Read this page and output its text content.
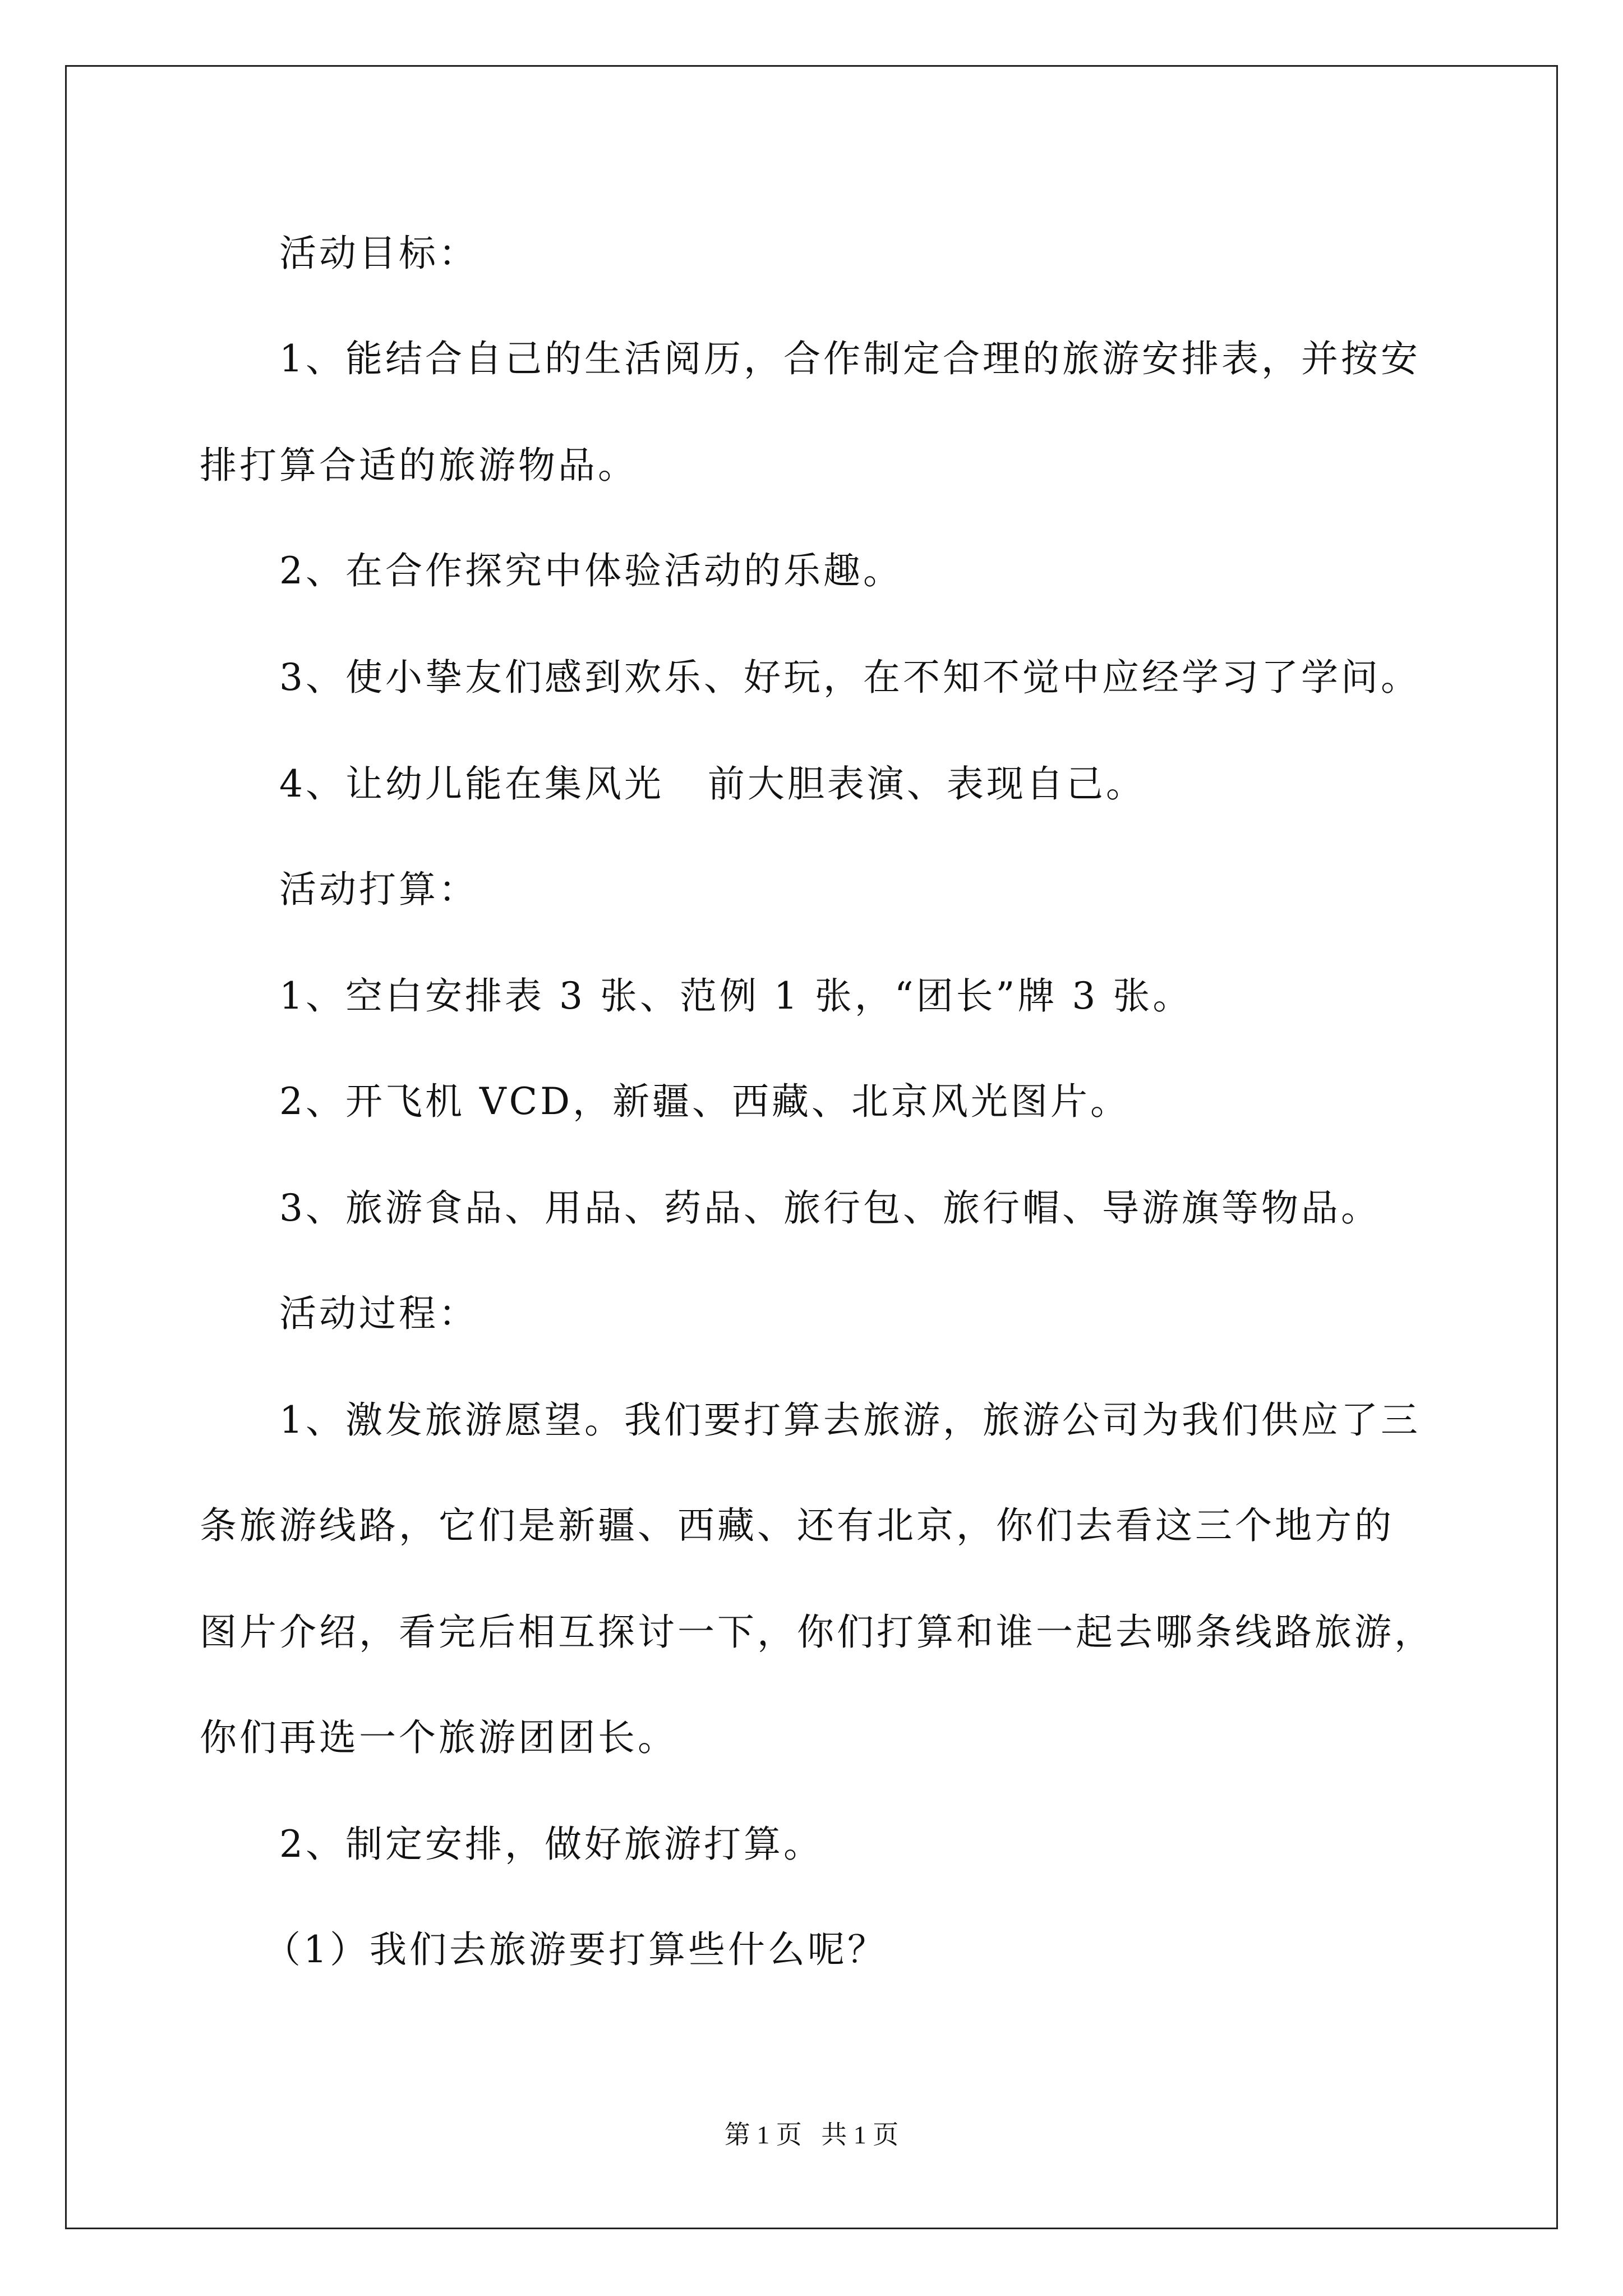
活动目标：
1、能结合自己的生活阅历，合作制定合理的旅游安排表，并按安
排打算合适的旅游物品。
2、在合作探究中体验活动的乐趣。
3、使小挚友们感到欢乐、好玩，在不知不觉中应经学习了学问。
4、让幼儿能在集风光   前大胆表演、表现自己。
活动打算：
1、空白安排表 3 张、范例 1 张，“团长”牌 3 张。
2、开飞机 VCD，新疆、西藏、北京风光图片。
3、旅游食品、用品、药品、旅行包、旅行帽、导游旗等物品。
活动过程：
1、激发旅游愿望。我们要打算去旅游，旅游公司为我们供应了三
条旅游线路，它们是新疆、西藏、还有北京，你们去看这三个地方的
图片介绍，看完后相互探讨一下，你们打算和谁一起去哪条线路旅游，
你们再选一个旅游团团长。
2、制定安排，做好旅游打算。
（1）我们去旅游要打算些什么呢？
第 1 页   共 1 页
